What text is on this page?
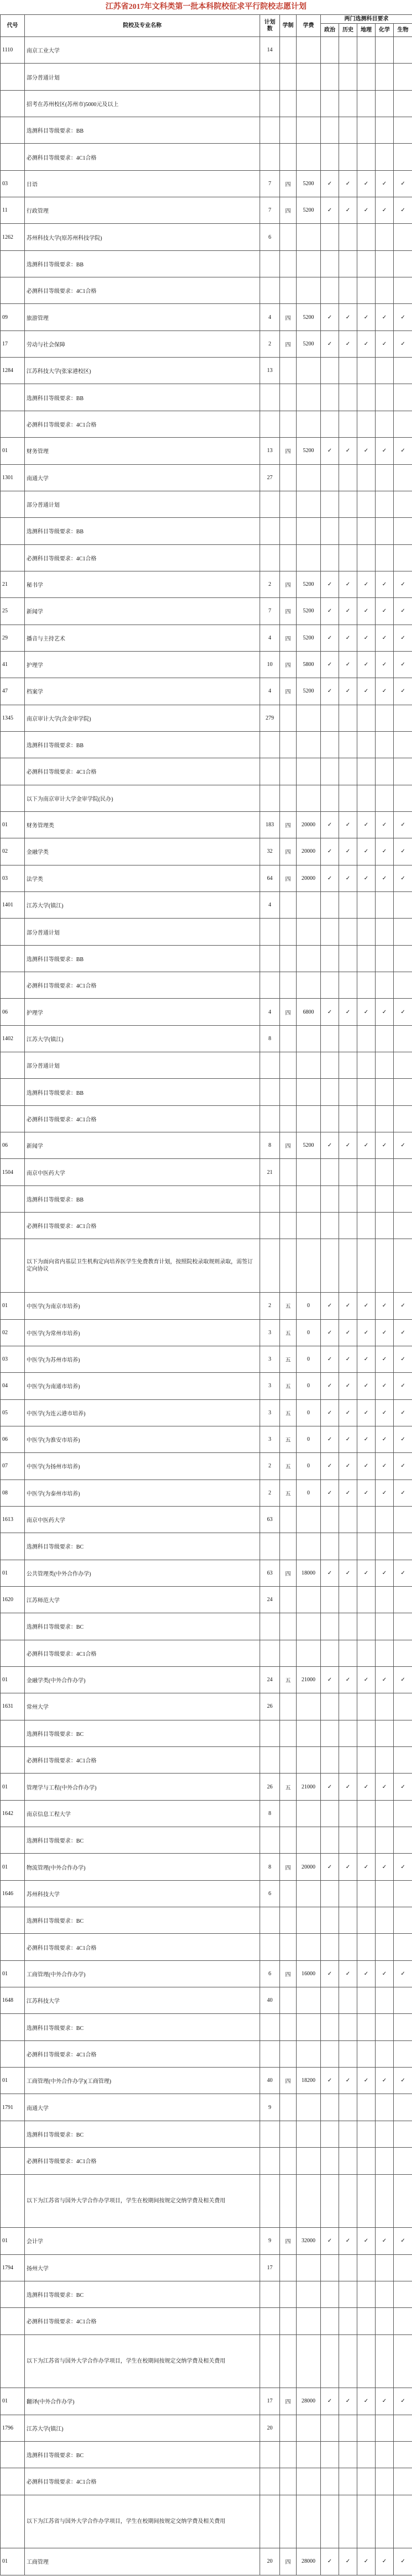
江苏省2017年文科类第一批本科院校征求平行院校志愿计划
代号	院校及专业名称	计划数	学制	学费	两门选测科目要求				
					政治	历史	地理	化学	生物
1110	南京工业大学	14							
	部分普通计划								
	招考在苏州校区(苏州市)5000元及以上								
	选测科目等级要求：BB								
	必测科目等级要求：4C1合格								
03	日语	7	四	5200	✓	✓	✓	✓	✓
11	行政管理	7	四	5200	✓	✓	✓	✓	✓
1262	苏州科技大学(原苏州科技学院)	6							
	选测科目等级要求：BB								
	必测科目等级要求：4C1合格								
09	旅游管理	4	四	5200	✓	✓	✓	✓	✓
17	劳动与社会保障	2	四	5200	✓	✓	✓	✓	✓
1284	江苏科技大学(张家港校区)	13							
	选测科目等级要求：BB								
	必测科目等级要求：4C1合格								
01	财务管理	13	四	5200	✓	✓	✓	✓	✓
1301	南通大学	27							
	部分普通计划								
	选测科目等级要求：BB								
	必测科目等级要求：4C1合格								
21	秘书学	2	四	5200	✓	✓	✓	✓	✓
25	新闻学	7	四	5200	✓	✓	✓	✓	✓
29	播音与主持艺术	4	四	5200	✓	✓	✓	✓	✓
41	护理学	10	四	5800	✓	✓	✓	✓	✓
47	档案学	4	四	5200	✓	✓	✓	✓	✓
1345	南京审计大学(含金审学院)	279							
	选测科目等级要求：BB								
	必测科目等级要求：4C1合格								
	以下为南京审计大学金审学院(民办)								
01	财务管理类	183	四	20000	✓	✓	✓	✓	✓
02	金融学类	32	四	20000	✓	✓	✓	✓	✓
03	法学类	64	四	20000	✓	✓	✓	✓	✓
1401	江苏大学(镇江)	4							
	部分普通计划								
	选测科目等级要求：BB								
	必测科目等级要求：4C1合格								
06	护理学	4	四	6800	✓	✓	✓	✓	✓
1402	江苏大学(镇江)	8							
	部分普通计划								
	选测科目等级要求：BB								
	必测科目等级要求：4C1合格								
06	新闻学	8	四	5200	✓	✓	✓	✓	✓
1504	南京中医药大学	21							
	选测科目等级要求：BB								
	必测科目等级要求：4C1合格								
	以下为面向省内基层卫生机构定向培养医学生免费教育计划，按照院校录取规则录取，需签订定向协议								
01	中医学(为南京市培养)	2	五	0	✓	✓	✓	✓	✓
02	中医学(为常州市培养)	3	五	0	✓	✓	✓	✓	✓
03	中医学(为苏州市培养)	3	五	0	✓	✓	✓	✓	✓
04	中医学(为南通市培养)	3	五	0	✓	✓	✓	✓	✓
05	中医学(为连云港市培养)	3	五	0	✓	✓	✓	✓	✓
06	中医学(为淮安市培养)	3	五	0	✓	✓	✓	✓	✓
07	中医学(为扬州市培养)	2	五	0	✓	✓	✓	✓	✓
08	中医学(为泰州市培养)	2	五	0	✓	✓	✓	✓	✓
1613	南京中医药大学	63							
	选测科目等级要求：BC								
01	公共管理类(中外合作办学)	63	四	18000	✓	✓	✓	✓	✓
1620	江苏师范大学	24							
	选测科目等级要求：BC								
	必测科目等级要求：4C1合格								
01	金融学类(中外合作办学)	24	五	21000	✓	✓	✓	✓	✓
1631	常州大学	26							
	选测科目等级要求：BC								
	必测科目等级要求：4C1合格								
01	管理学与工程(中外合作办学)	26	五	21000	✓	✓	✓	✓	✓
1642	南京信息工程大学	8							
	选测科目等级要求：BC								
01	物流管理(中外合作办学)	8	四	20000	✓	✓	✓	✓	✓
1646	苏州科技大学	6							
	选测科目等级要求：BC								
	必测科目等级要求：4C1合格								
01	工商管理(中外合作办学)	6	四	16000	✓	✓	✓	✓	✓
1648	江苏科技大学	40							
	选测科目等级要求：BC								
	必测科目等级要求：4C1合格								
01	工商管理(中外合作办学)(工商管理)	40	四	18200	✓	✓	✓	✓	✓
1791	南通大学	9							
	选测科目等级要求：BC								
	必测科目等级要求：4C1合格								
	以下为江苏省与国外大学合作办学项目，学生在校期间按规定交纳学费及相关费用								
01	会计学	9	四	32000	✓	✓	✓	✓	✓
1794	扬州大学	17							
	选测科目等级要求：BC								
	必测科目等级要求：4C1合格								
	以下为江苏省与国外大学合作办学项目，学生在校期间按规定交纳学费及相关费用								
01	翻译(中外合作办学)	17	四	28000	✓	✓	✓	✓	✓
1796	江苏大学(镇江)	20							
	选测科目等级要求：BC								
	必测科目等级要求：4C1合格								
	以下为江苏省与国外大学合作办学项目，学生在校期间按规定交纳学费及相关费用								
01	工商管理	20	四	28000	✓	✓	✓	✓	✓
